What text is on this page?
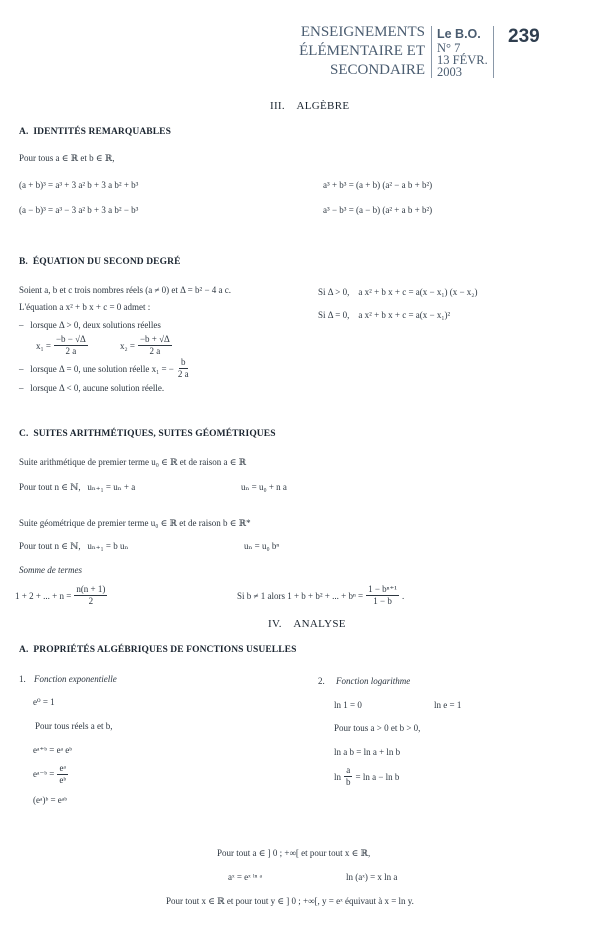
ENSEIGNEMENTS
ÉLÉMENTAIRE ET
SECONDAIRE
Le B.O.
N° 7
13 FÉVR.
2003
239
III.    ALGÈBRE
A.  IDENTITÉS REMARQUABLES
Pour tous a ∈ ℝ et b ∈ ℝ,
(a + b)³ = a³ + 3 a² b + 3 a b² + b³
(a − b)³ = a³ − 3 a² b + 3 a b² − b³
a³ + b³ = (a + b) (a² − a b + b²)
a³ − b³ = (a − b) (a² + a b + b²)
B.  ÉQUATION DU SECOND DEGRÉ
Soient a, b et c trois nombres réels (a ≠ 0) et Δ = b² − 4 a c.
L'équation a x² + b x + c = 0 admet :
–   lorsque Δ > 0, deux solutions réelles
$x_1 = \frac{-b - √\Delta}{2 a}$	$x_2 = \frac{-b + √\Delta}{2 a}$
–   lorsque Δ = 0, une solution réelle x₁ = − $\frac{b}{2 a}$
–   lorsque Δ < 0, aucune solution réelle.
Si Δ > 0,    a x² + b x + c = a(x − x₁) (x − x₂)
Si Δ = 0,    a x² + b x + c = a(x − x₁)²
C.  SUITES ARITHMÉTIQUES, SUITES GÉOMÉTRIQUES
Suite arithmétique de premier terme u₀ ∈ ℝ et de raison a ∈ ℝ
Pour tout n ∈ ℕ,   uₙ₊₁ = uₙ + a	uₙ = u₀ + n a
Suite géométrique de premier terme u₀ ∈ ℝ et de raison b ∈ ℝ*
Pour tout n ∈ ℕ,   uₙ₊₁ = b uₙ	uₙ = u₀ bⁿ
Somme de termes
1 + 2 + ... + $n = \frac{n(n + 1)}{2}$	Si b ≠ 1 alors 1 + b + b² + ... + $b^n = \frac{\text{1 − bⁿ⁺¹}}{1 - b}$ .
IV.    ANALYSE
A.  PROPRIÉTÉS ALGÉBRIQUES DE FONCTIONS USUELLES
1. Fonction exponentielle
e⁰ = 1
Pour tous réels a et b,
eᵃ⁺ᵇ = eᵃ eᵇ
eᵃ⁻ᵇ = $\frac{\text{eᵃ}}{\text{eᵇ}}$
(eᵃ)ᵇ = eᵃᵇ
2. Fonction logarithme
ln 1 = 0	ln e = 1
Pour tous a > 0 et b > 0,
ln a b = ln a + ln b
$\ln \frac{a}{b} = \ln a - \ln b$
Pour tout a ∈ ] 0 ; +∞[ et pour tout x ∈ ℝ,
aˣ = eˣ ˡⁿ ᵃ	ln (aˣ) = x ln a
Pour tout x ∈ ℝ et pour tout y ∈ ] 0 ; +∞[, y = eˣ équivaut à x = ln y.
